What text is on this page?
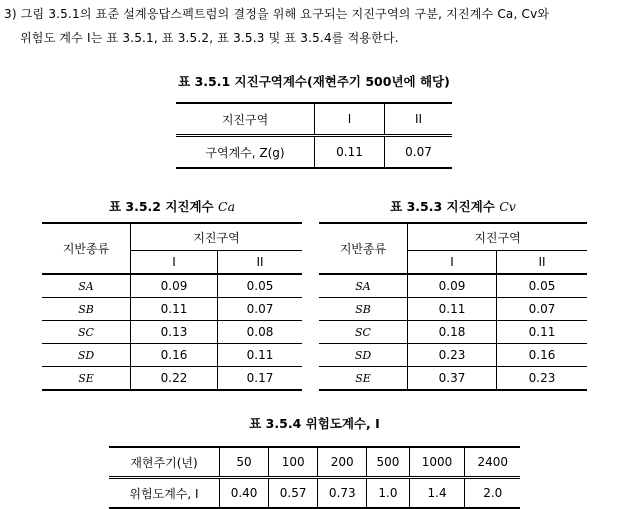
3) 그림 3.5.1의 표준 설계응답스펙트럼의 결정을 위해 요구되는 지진구역의 구분, 지진계수 Ca, Cv와
위험도 계수 I는 표 3.5.1, 표 3.5.2, 표 3.5.3 및 표 3.5.4를 적용한다.
표 3.5.1 지진구역계수(재현주기 500년에 해당)
지진구역	I	II
구역계수, Z(g)	0.11	0.07
표 3.5.2 지진계수 Ca
지반종류	지진구역	
	I	II
SA	0.09	0.05
SB	0.11	0.07
SC	0.13	0.08
SD	0.16	0.11
SE	0.22	0.17
표 3.5.3 지진계수 Cv
지반종류	지진구역	
	I	II
SA	0.09	0.05
SB	0.11	0.07
SC	0.18	0.11
SD	0.23	0.16
SE	0.37	0.23
표 3.5.4 위험도계수, I
재현주기(년)	50	100	200	500	1000	2400
위험도계수, I	0.40	0.57	0.73	1.0	1.4	2.0
